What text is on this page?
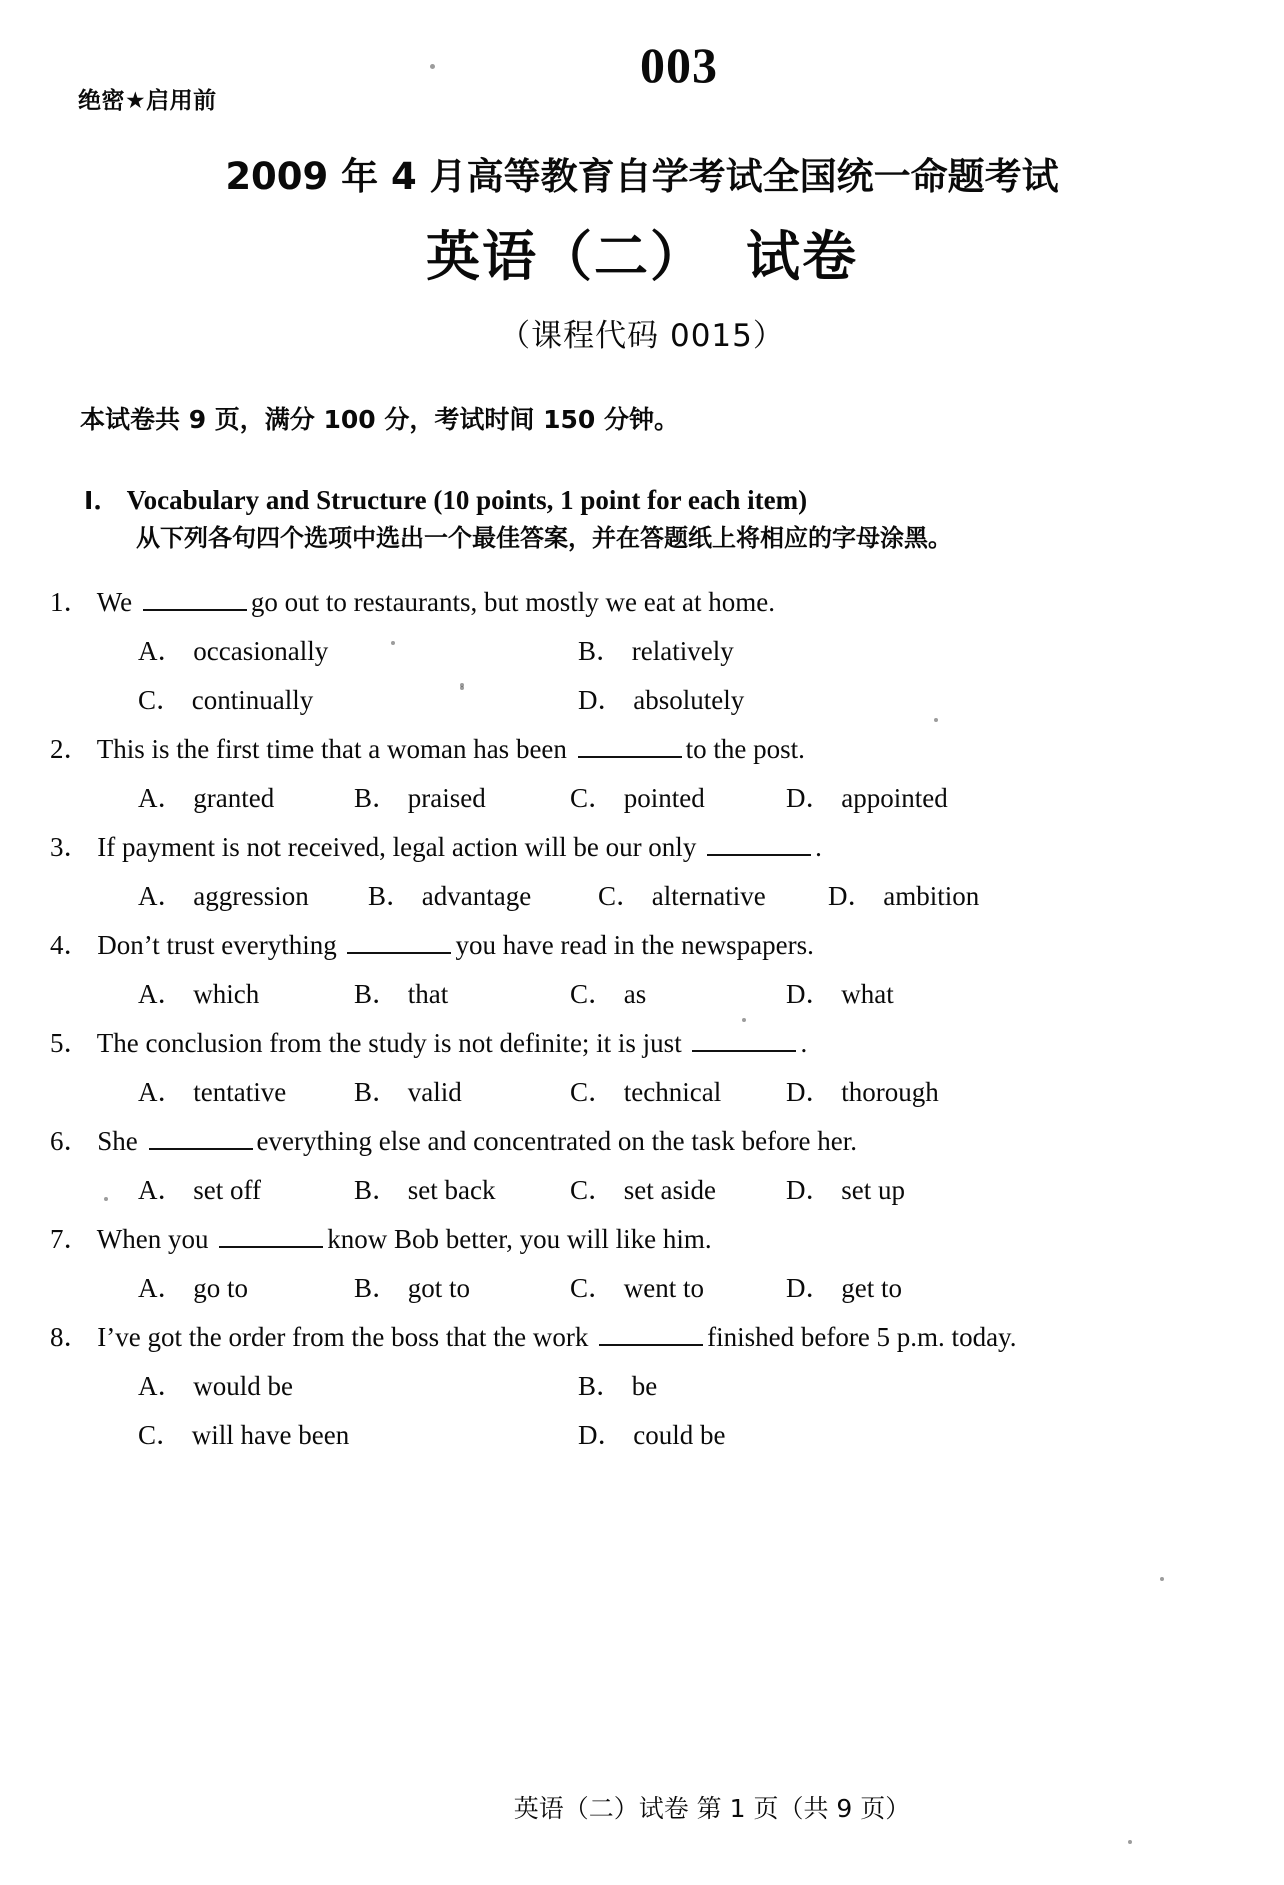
003
绝密★启用前
2009 年 4 月高等教育自学考试全国统一命题考试
英语（二） 试卷
（课程代码 0015）
本试卷共 9 页，满分 100 分，考试时间 150 分钟。
Ⅰ． Vocabulary and Structure (10 points, 1 point for each item)
从下列各句四个选项中选出一个最佳答案，并在答题纸上将相应的字母涂黑。
1． We	go out to restaurants, but mostly we eat at home.
A． occasionally	B． relatively
C． continually	D． absolutely
2． This is the first time that a woman has been	to the post.
A． granted	B． praised	C． pointed	D． appointed
3． If payment is not received, legal action will be our only	.
A． aggression B． advantage C． alternative D． ambition
4． Don’t trust everything	you have read in the newspapers.
A． which	B． that	C． as	D． what
5． The conclusion from the study is not definite; it is just	.
A． tentative	B． valid	C． technical D． thorough
6． She	everything else and concentrated on the task before her.
A． set off	B． set back	C． set aside	D． set up
7． When you	know Bob better, you will like him.
A． go to	B． got to	C． went to	D． get to
8． I’ve got the order from the boss that the work	finished before 5 p.m. today.
A． would be	B． be
C． will have been	D． could be
英语（二）试卷 第 1 页（共 9 页）
